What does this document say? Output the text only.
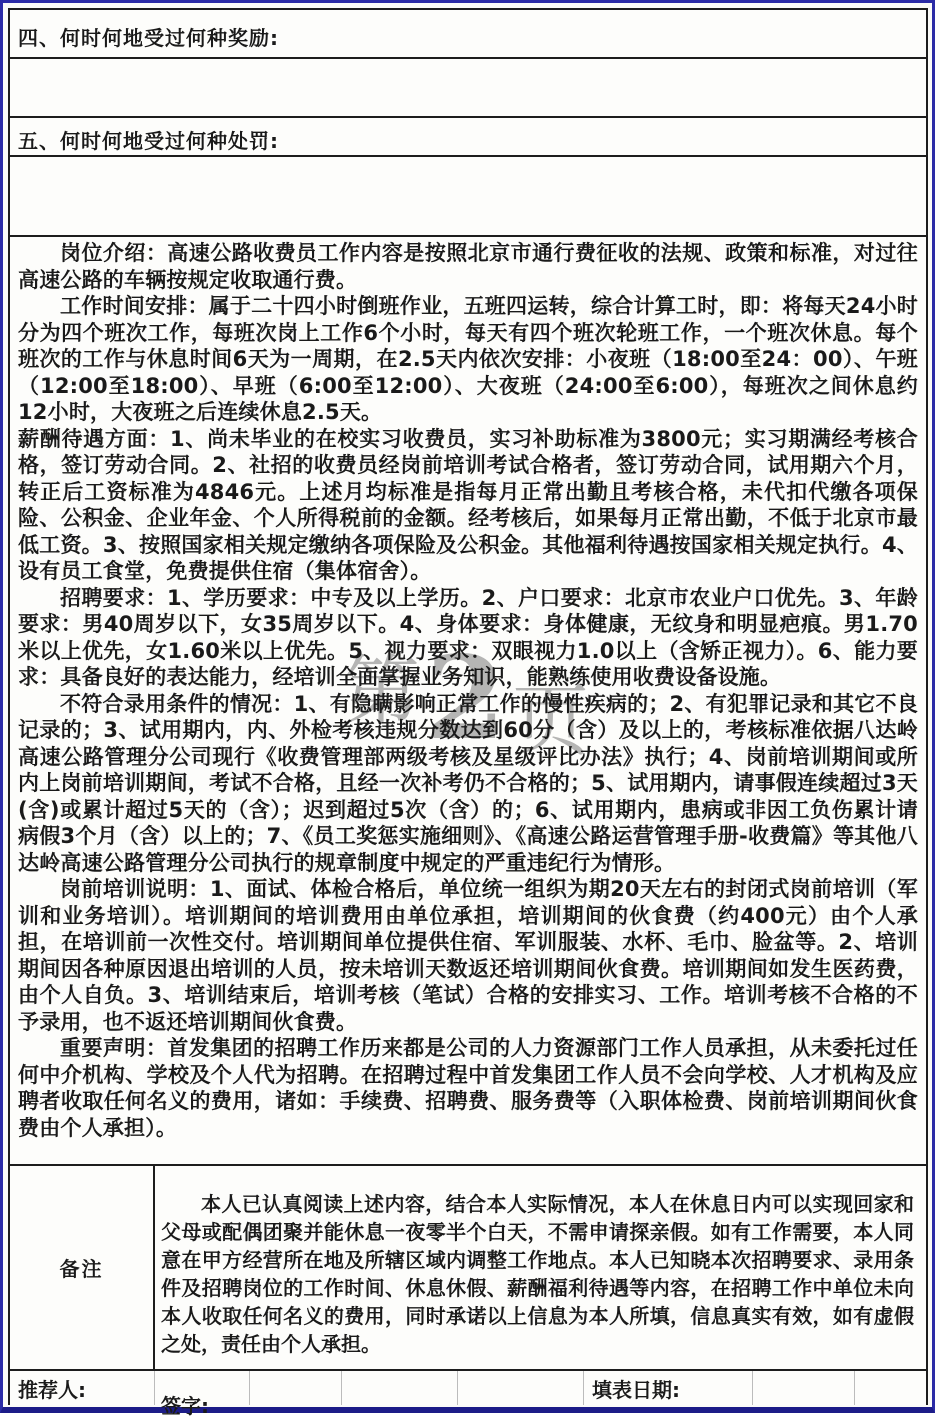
四、何时何地受过何种奖励:
五、何时何地受过何种处罚:
第 2 页

岗位介绍：高速公路收费员工作内容是按照北京市通行费征收的法规、政策和标准，对过往高速公路的车辆按规定收取通行费。

工作时间安排：属于二十四小时倒班作业，五班四运转，综合计算工时，即：将每天24小时分为四个班次工作，每班次岗上工作6个小时，每天有四个班次轮班工作，一个班次休息。每个班次的工作与休息时间6天为一周期，在2.5天内依次安排：小夜班（18:00至24：00）、午班（12:00至18:00）、早班（6:00至12:00）、大夜班（24:00至6:00），每班次之间休息约12小时，大夜班之后连续休息2.5天。

薪酬待遇方面：1、尚未毕业的在校实习收费员，实习补助标准为3800元；实习期满经考核合格，签订劳动合同。2、社招的收费员经岗前培训考试合格者，签订劳动合同，试用期六个月，转正后工资标准为4846元。上述月均标准是指每月正常出勤且考核合格，未代扣代缴各项保险、公积金、企业年金、个人所得税前的金额。经考核后，如果每月正常出勤，不低于北京市最低工资。3、按照国家相关规定缴纳各项保险及公积金。其他福利待遇按国家相关规定执行。4、设有员工食堂，免费提供住宿（集体宿舍）。

招聘要求：1、学历要求：中专及以上学历。2、户口要求：北京市农业户口优先。3、年龄要求：男40周岁以下，女35周岁以下。4、身体要求：身体健康，无纹身和明显疤痕。男1.70米以上优先，女1.60米以上优先。5、视力要求：双眼视力1.0以上（含矫正视力）。6、能力要求：具备良好的表达能力，经培训全面掌握业务知识，能熟练使用收费设备设施。

不符合录用条件的情况：1、有隐瞒影响正常工作的慢性疾病的；2、有犯罪记录和其它不良记录的；3、试用期内，内、外检考核违规分数达到60分（含）及以上的，考核标准依据八达岭高速公路管理分公司现行《收费管理部两级考核及星级评比办法》执行；4、岗前培训期间或所内上岗前培训期间，考试不合格，且经一次补考仍不合格的；5、试用期内，请事假连续超过3天(含)或累计超过5天的（含）；迟到超过5次（含）的；6、试用期内，患病或非因工负伤累计请病假3个月（含）以上的；7、《员工奖惩实施细则》、《高速公路运营管理手册-收费篇》等其他八达岭高速公路管理分公司执行的规章制度中规定的严重违纪行为情形。

岗前培训说明：1、面试、体检合格后，单位统一组织为期20天左右的封闭式岗前培训（军训和业务培训）。培训期间的培训费用由单位承担，培训期间的伙食费（约400元）由个人承担，在培训前一次性交付。培训期间单位提供住宿、军训服装、水杯、毛巾、脸盆等。2、培训期间因各种原因退出培训的人员，按未培训天数返还培训期间伙食费。培训期间如发生医药费，由个人自负。3、培训结束后，培训考核（笔试）合格的安排实习、工作。培训考核不合格的不予录用，也不返还培训期间伙食费。

重要声明：首发集团的招聘工作历来都是公司的人力资源部门工作人员承担，从未委托过任何中介机构、学校及个人代为招聘。在招聘过程中首发集团工作人员不会向学校、人才机构及应聘者收取任何名义的费用，诸如：手续费、招聘费、服务费等（入职体检费、岗前培训期间伙食费由个人承担）。

备注

本人已认真阅读上述内容，结合本人实际情况，本人在休息日内可以实现回家和父母或配偶团聚并能休息一夜零半个白天，不需申请探亲假。如有工作需要，本人同意在甲方经营所在地及所辖区域内调整工作地点。本人已知晓本次招聘要求、录用条件及招聘岗位的工作时间、休息休假、薪酬福利待遇等内容，在招聘工作中单位未向本人收取任何名义的费用，同时承诺以上信息为本人所填，信息真实有效，如有虚假之处，责任由个人承担。

签字:

推荐人:	填表日期:
